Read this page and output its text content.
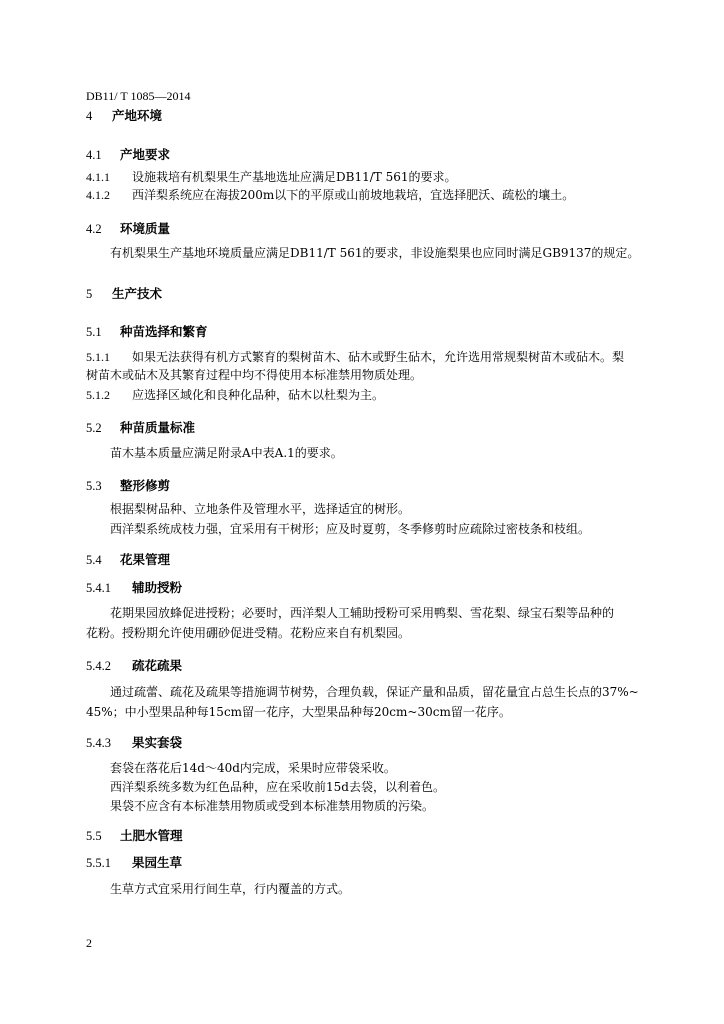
DB11/ T 1085—2014
4 产地环境
4.1 产地要求
4.1.1 设施栽培有机梨果生产基地选址应满足DB11/T 561的要求。
4.1.2 西洋梨系统应在海拔200m以下的平原或山前坡地栽培，宜选择肥沃、疏松的壤土。
4.2 环境质量
有机梨果生产基地环境质量应满足DB11/T 561的要求，非设施梨果也应同时满足GB9137的规定。
5 生产技术
5.1 种苗选择和繁育
5.1.1 如果无法获得有机方式繁育的梨树苗木、砧木或野生砧木，允许选用常规梨树苗木或砧木。梨
树苗木或砧木及其繁育过程中均不得使用本标准禁用物质处理。
5.1.2 应选择区域化和良种化品种，砧木以杜梨为主。
5.2 种苗质量标准
苗木基本质量应满足附录A中表A.1的要求。
5.3 整形修剪
根据梨树品种、立地条件及管理水平，选择适宜的树形。
西洋梨系统成枝力强，宜采用有干树形；应及时夏剪，冬季修剪时应疏除过密枝条和枝组。
5.4 花果管理
5.4.1 辅助授粉
花期果园放蜂促进授粉；必要时，西洋梨人工辅助授粉可采用鸭梨、雪花梨、绿宝石梨等品种的
花粉。授粉期允许使用硼砂促进受精。花粉应来自有机梨园。
5.4.2 疏花疏果
通过疏蕾、疏花及疏果等措施调节树势，合理负载，保证产量和品质，留花量宜占总生长点的37%~
45%；中小型果品种每15cm留一花序，大型果品种每20cm~30cm留一花序。
5.4.3 果实套袋
套袋在落花后14d～40d内完成，采果时应带袋采收。
西洋梨系统多数为红色品种，应在采收前15d去袋，以利着色。
果袋不应含有本标准禁用物质或受到本标准禁用物质的污染。
5.5 土肥水管理
5.5.1 果园生草
生草方式宜采用行间生草，行内覆盖的方式。
2
